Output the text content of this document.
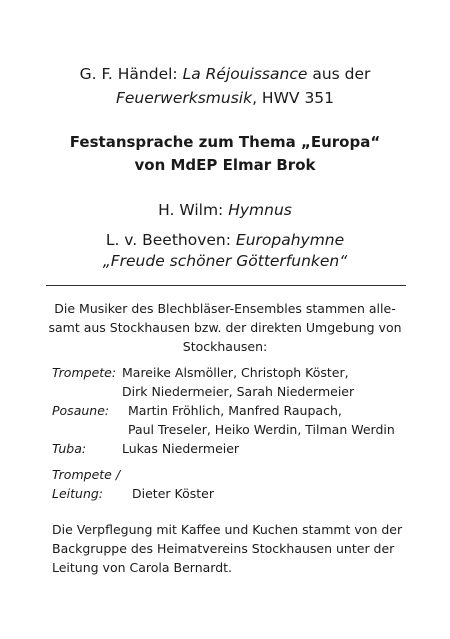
G. F. Händel: La Réjouissance aus der
Feuerwerksmusik, HWV 351
Festansprache zum Thema „Europa“
von MdEP Elmar Brok
H. Wilm: Hymnus
L. v. Beethoven: Europahymne
„Freude schöner Götterfunken“
Die Musiker des Blechbläser-Ensembles stammen alle-
samt aus Stockhausen bzw. der direkten Umgebung von
Stockhausen:
Trompete: Mareike Alsmöller, Christoph Köster,
Dirk Niedermeier, Sarah Niedermeier
Posaune: Martin Fröhlich, Manfred Raupach,
Paul Treseler, Heiko Werdin, Tilman Werdin
Tuba:	Lukas Niedermeier
Trompete /
Leitung: Dieter Köster
Die Verpflegung mit Kaffee und Kuchen stammt von der
Backgruppe des Heimatvereins Stockhausen unter der
Leitung von Carola Bernardt.
